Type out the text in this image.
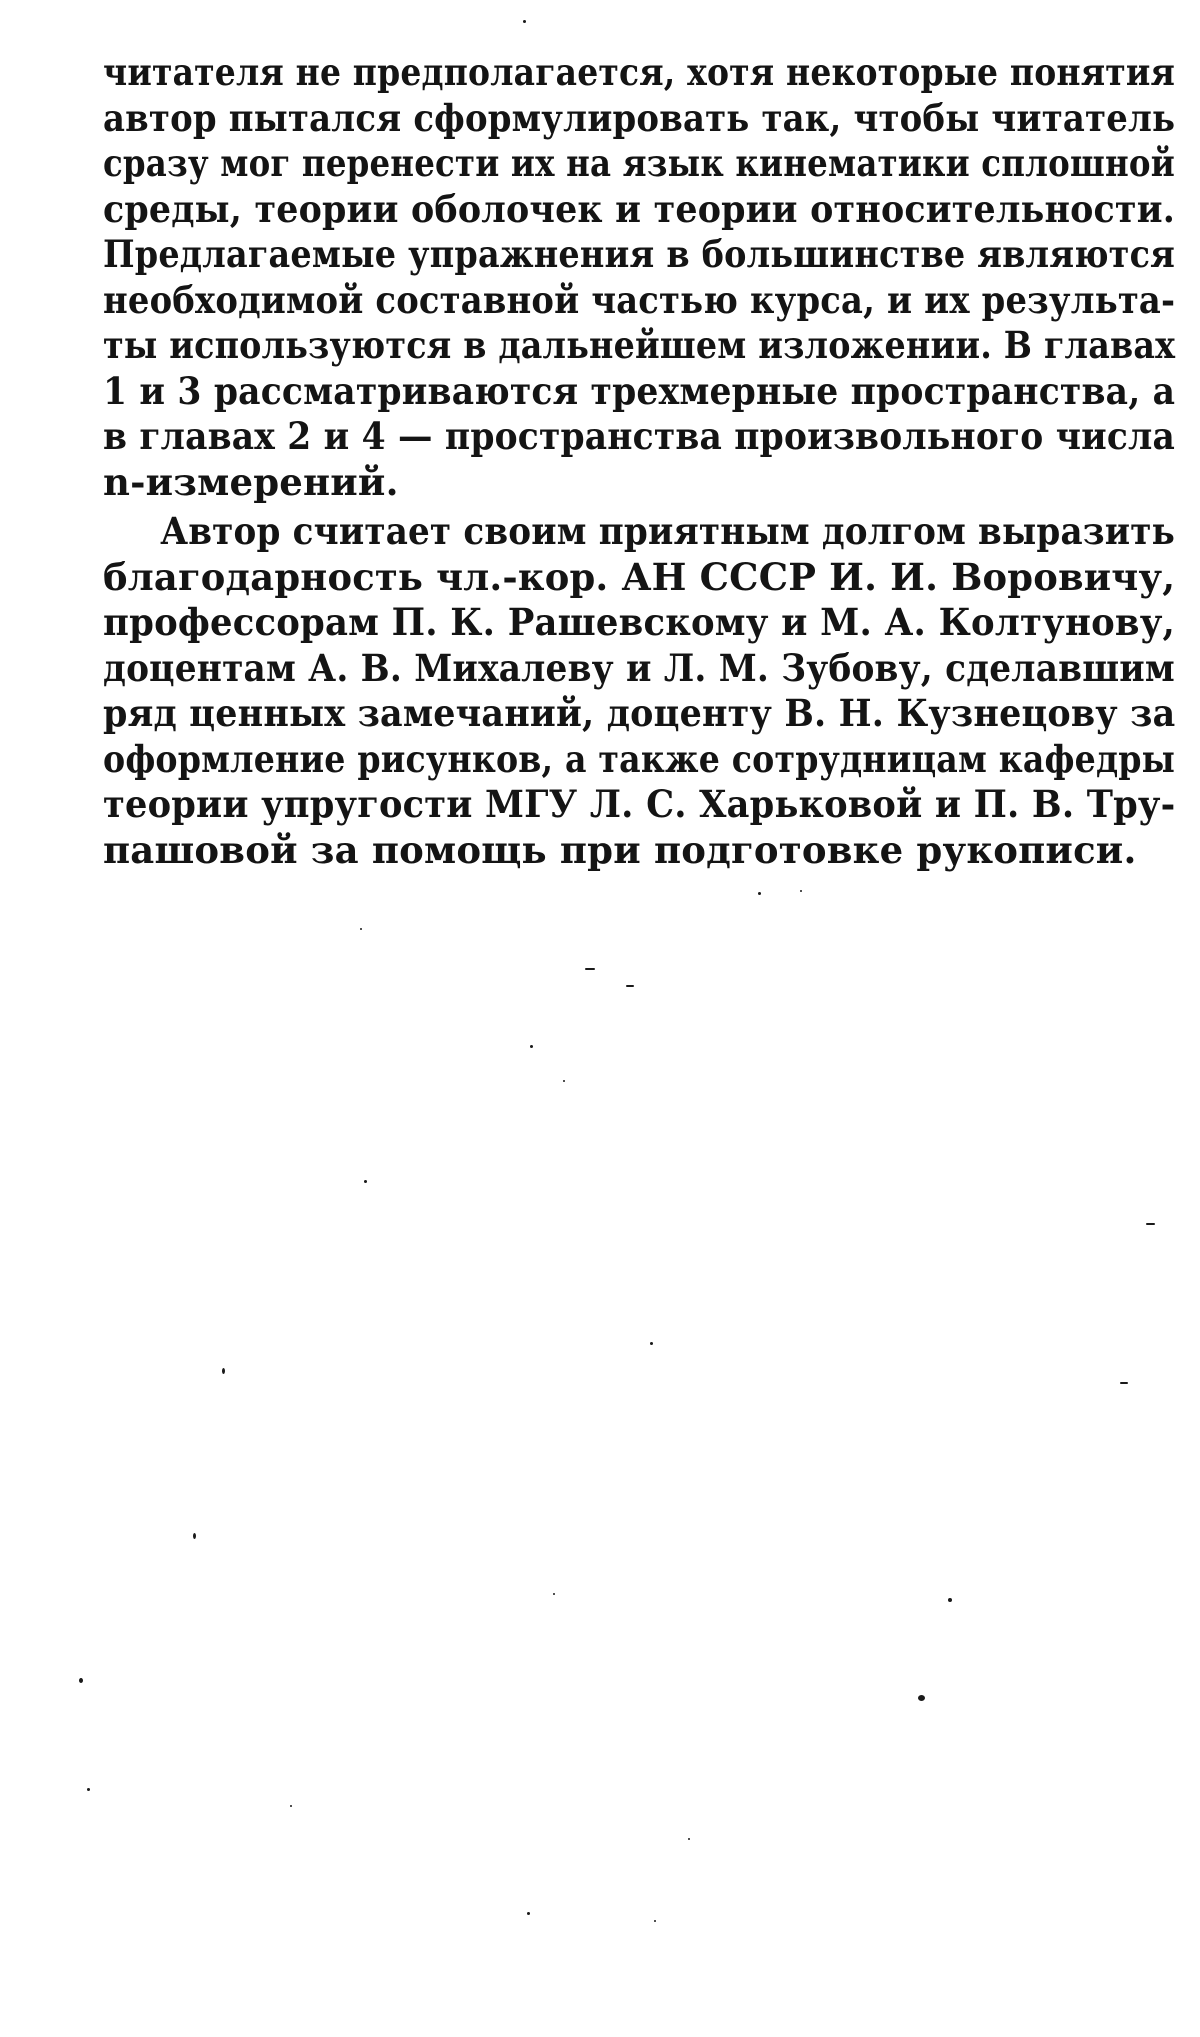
читателя не предполагается, хотя некоторые понятия
автор пытался сформулировать так, чтобы читатель
сразу мог перенести их на язык кинематики сплошной
среды, теории оболочек и теории относительности.
Предлагаемые упражнения в большинстве являются
необходимой составной частью курса, и их результа-
ты используются в дальнейшем изложении. В главах
1 и 3 рассматриваются трехмерные пространства, а
в главах 2 и 4 — пространства произвольного числа
n-измерений.
Автор считает своим приятным долгом выразить
благодарность чл.-кор. АН СССР И. И. Воровичу,
профессорам П. К. Рашевскому и М. А. Колтунову,
доцентам А. В. Михалеву и Л. М. Зубову, сделавшим
ряд ценных замечаний, доценту В. Н. Кузнецову за
оформление рисунков, а также сотрудницам кафедры
теории упругости МГУ Л. С. Харьковой и П. В. Тру-
пашовой за помощь при подготовке рукописи.
